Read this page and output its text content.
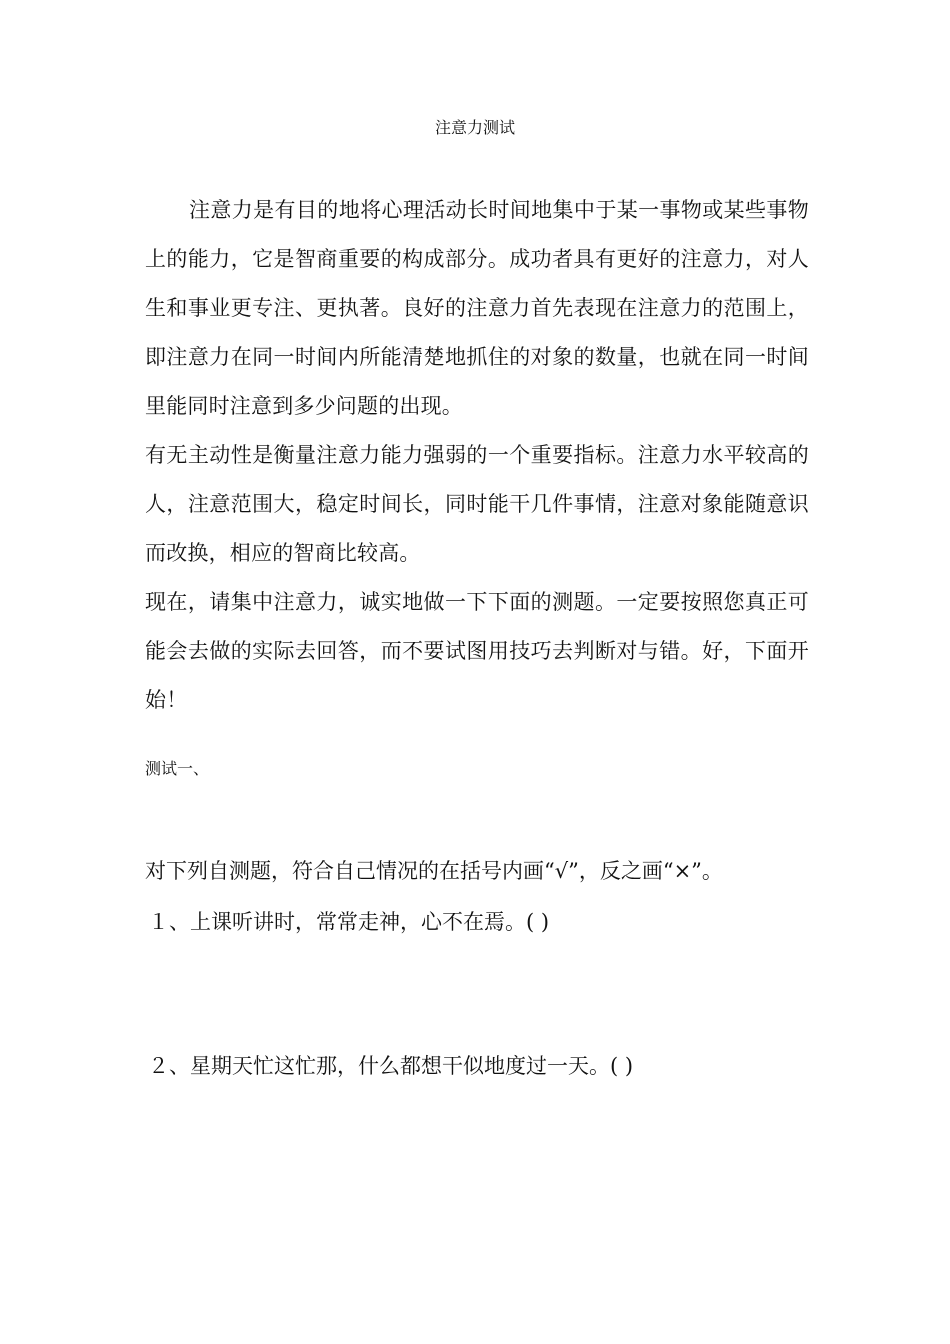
注意力测试
注意力是有目的地将心理活动长时间地集中于某一事物或某些事物上的能力，它是智商重要的构成部分。成功者具有更好的注意力，对人生和事业更专注、更执著。良好的注意力首先表现在注意力的范围上，即注意力在同一时间内所能清楚地抓住的对象的数量，也就在同一时间里能同时注意到多少问题的出现。
有无主动性是衡量注意力能力强弱的一个重要指标。注意力水平较高的人，注意范围大，稳定时间长，同时能干几件事情，注意对象能随意识而改换，相应的智商比较高。
现在，请集中注意力，诚实地做一下下面的测题。一定要按照您真正可能会去做的实际去回答，而不要试图用技巧去判断对与错。好，下面开始！
测试一、
对下列自测题，符合自己情况的在括号内画“√”，反之画“×”。
１、上课听讲时，常常走神，心不在焉。( )
２、星期天忙这忙那，什么都想干似地度过一天。( )
